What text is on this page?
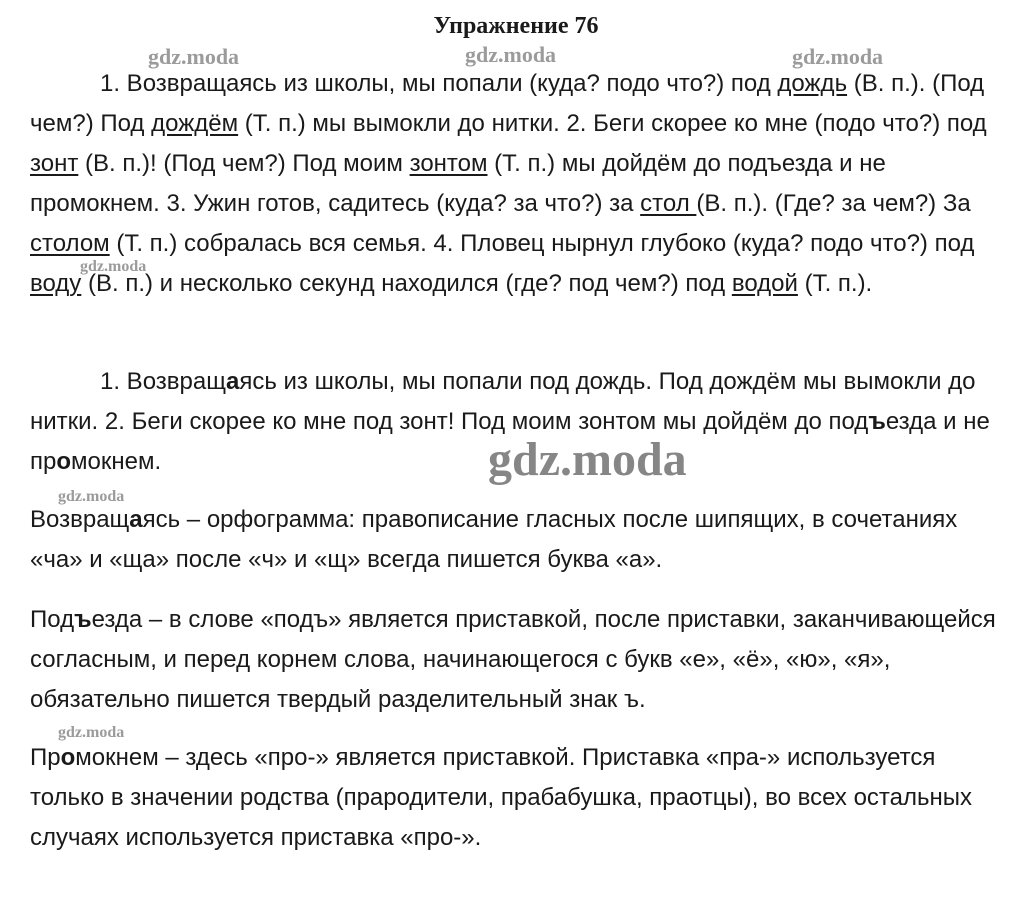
Упражнение 76

1. Возвращаясь из школы, мы попали (куда? подо что?) под дождь (В. п.). (Под чем?) Под дождём (Т. п.) мы вымокли до нитки. 2. Беги скорее ко мне (подо что?) под зонт (В. п.)! (Под чем?) Под моим зонтом (Т. п.) мы дойдём до подъезда и не промокнем. 3. Ужин готов, садитесь (куда? за что?) за стол (В. п.). (Где? за чем?) За столом (Т. п.) собралась вся семья. 4. Пловец нырнул глубоко (куда? подо что?) под воду (В. п.) и несколько секунд находился (где? под чем?) под водой (Т. п.).

1. Возвращаясь из школы, мы попали под дождь. Под дождём мы вымокли до нитки. 2. Беги скорее ко мне под зонт! Под моим зонтом мы дойдём до подъезда и не промокнем.

Возвращаясь – орфограмма: правописание гласных после шипящих, в сочетаниях «ча» и «ща» после «ч» и «щ» всегда пишется буква «а».

Подъезда – в слове «подъ» является приставкой, после приставки, заканчивающейся согласным, и перед корнем слова, начинающегося с букв «е», «ё», «ю», «я», обязательно пишется твердый разделительный знак ъ.

Промокнем – здесь «про-» является приставкой. Приставка «пра-» используется только в значении родства (прародители, прабабушка, праотцы), во всех остальных случаях используется приставка «про-».

gdz.moda	gdz.moda	gdz.moda
gdz.moda
gdz.moda
gdz.moda
gdz.moda
